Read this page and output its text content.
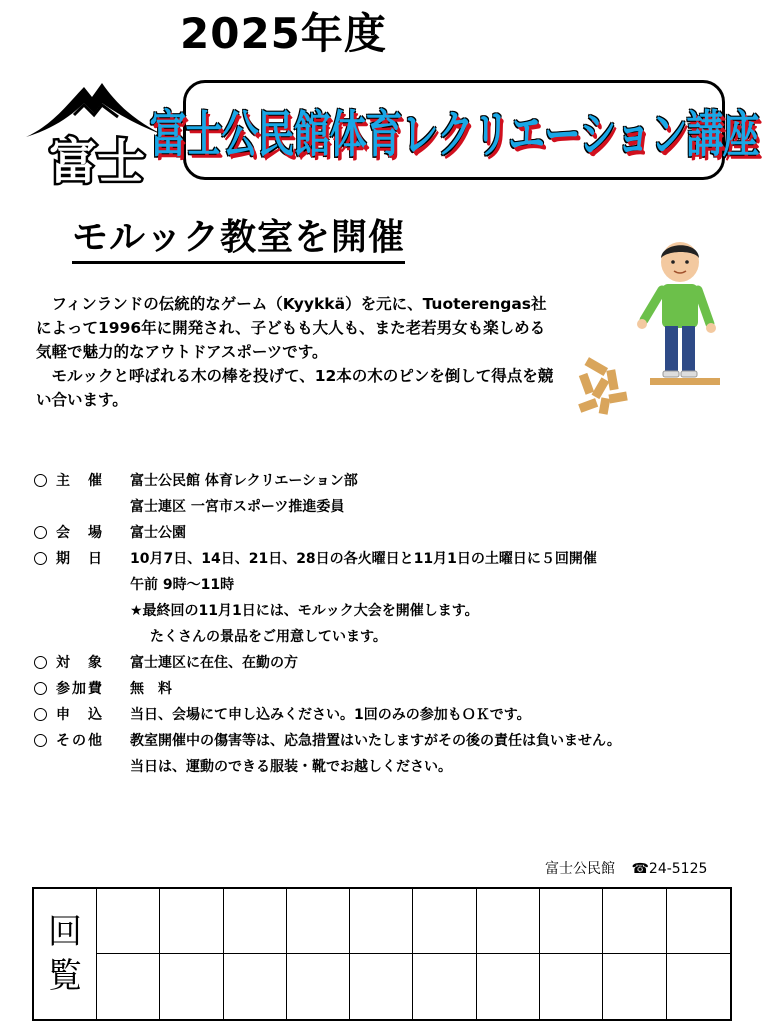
2025年度
富士 富士公民館体育レクリエーション講座
モルック教室を開催

　フィンランドの伝統的なゲーム（Kyykkä）を元に、Tuoterengas社によって1996年に開発され、子どもも大人も、また老若男女も楽しめる気軽で魅力的なアウトドアスポーツです。

　モルックと呼ばれる木の棒を投げて、12本の木のピンを倒して得点を競い合います。

主　催	富士公民館 体育レクリエーション部
富士連区 一宮市スポーツ推進委員
会　場	富士公園
期　日	10月7日、14日、21日、28日の各火曜日と11月1日の土曜日に５回開催
午前 9時～11時
★最終回の11月1日には、モルック大会を開催します。
たくさんの景品をご用意しています。
対　象	富士連区に在住、在勤の方
参加費	無　料
申　込	当日、会場にて申し込みください。1回のみの参加もＯＫです。
その他	教室開催中の傷害等は、応急措置はいたしますがその後の責任は負いません。
当日は、運動のできる服装・靴でお越しください。
富士公民館 ☎24-5125
回
覧
